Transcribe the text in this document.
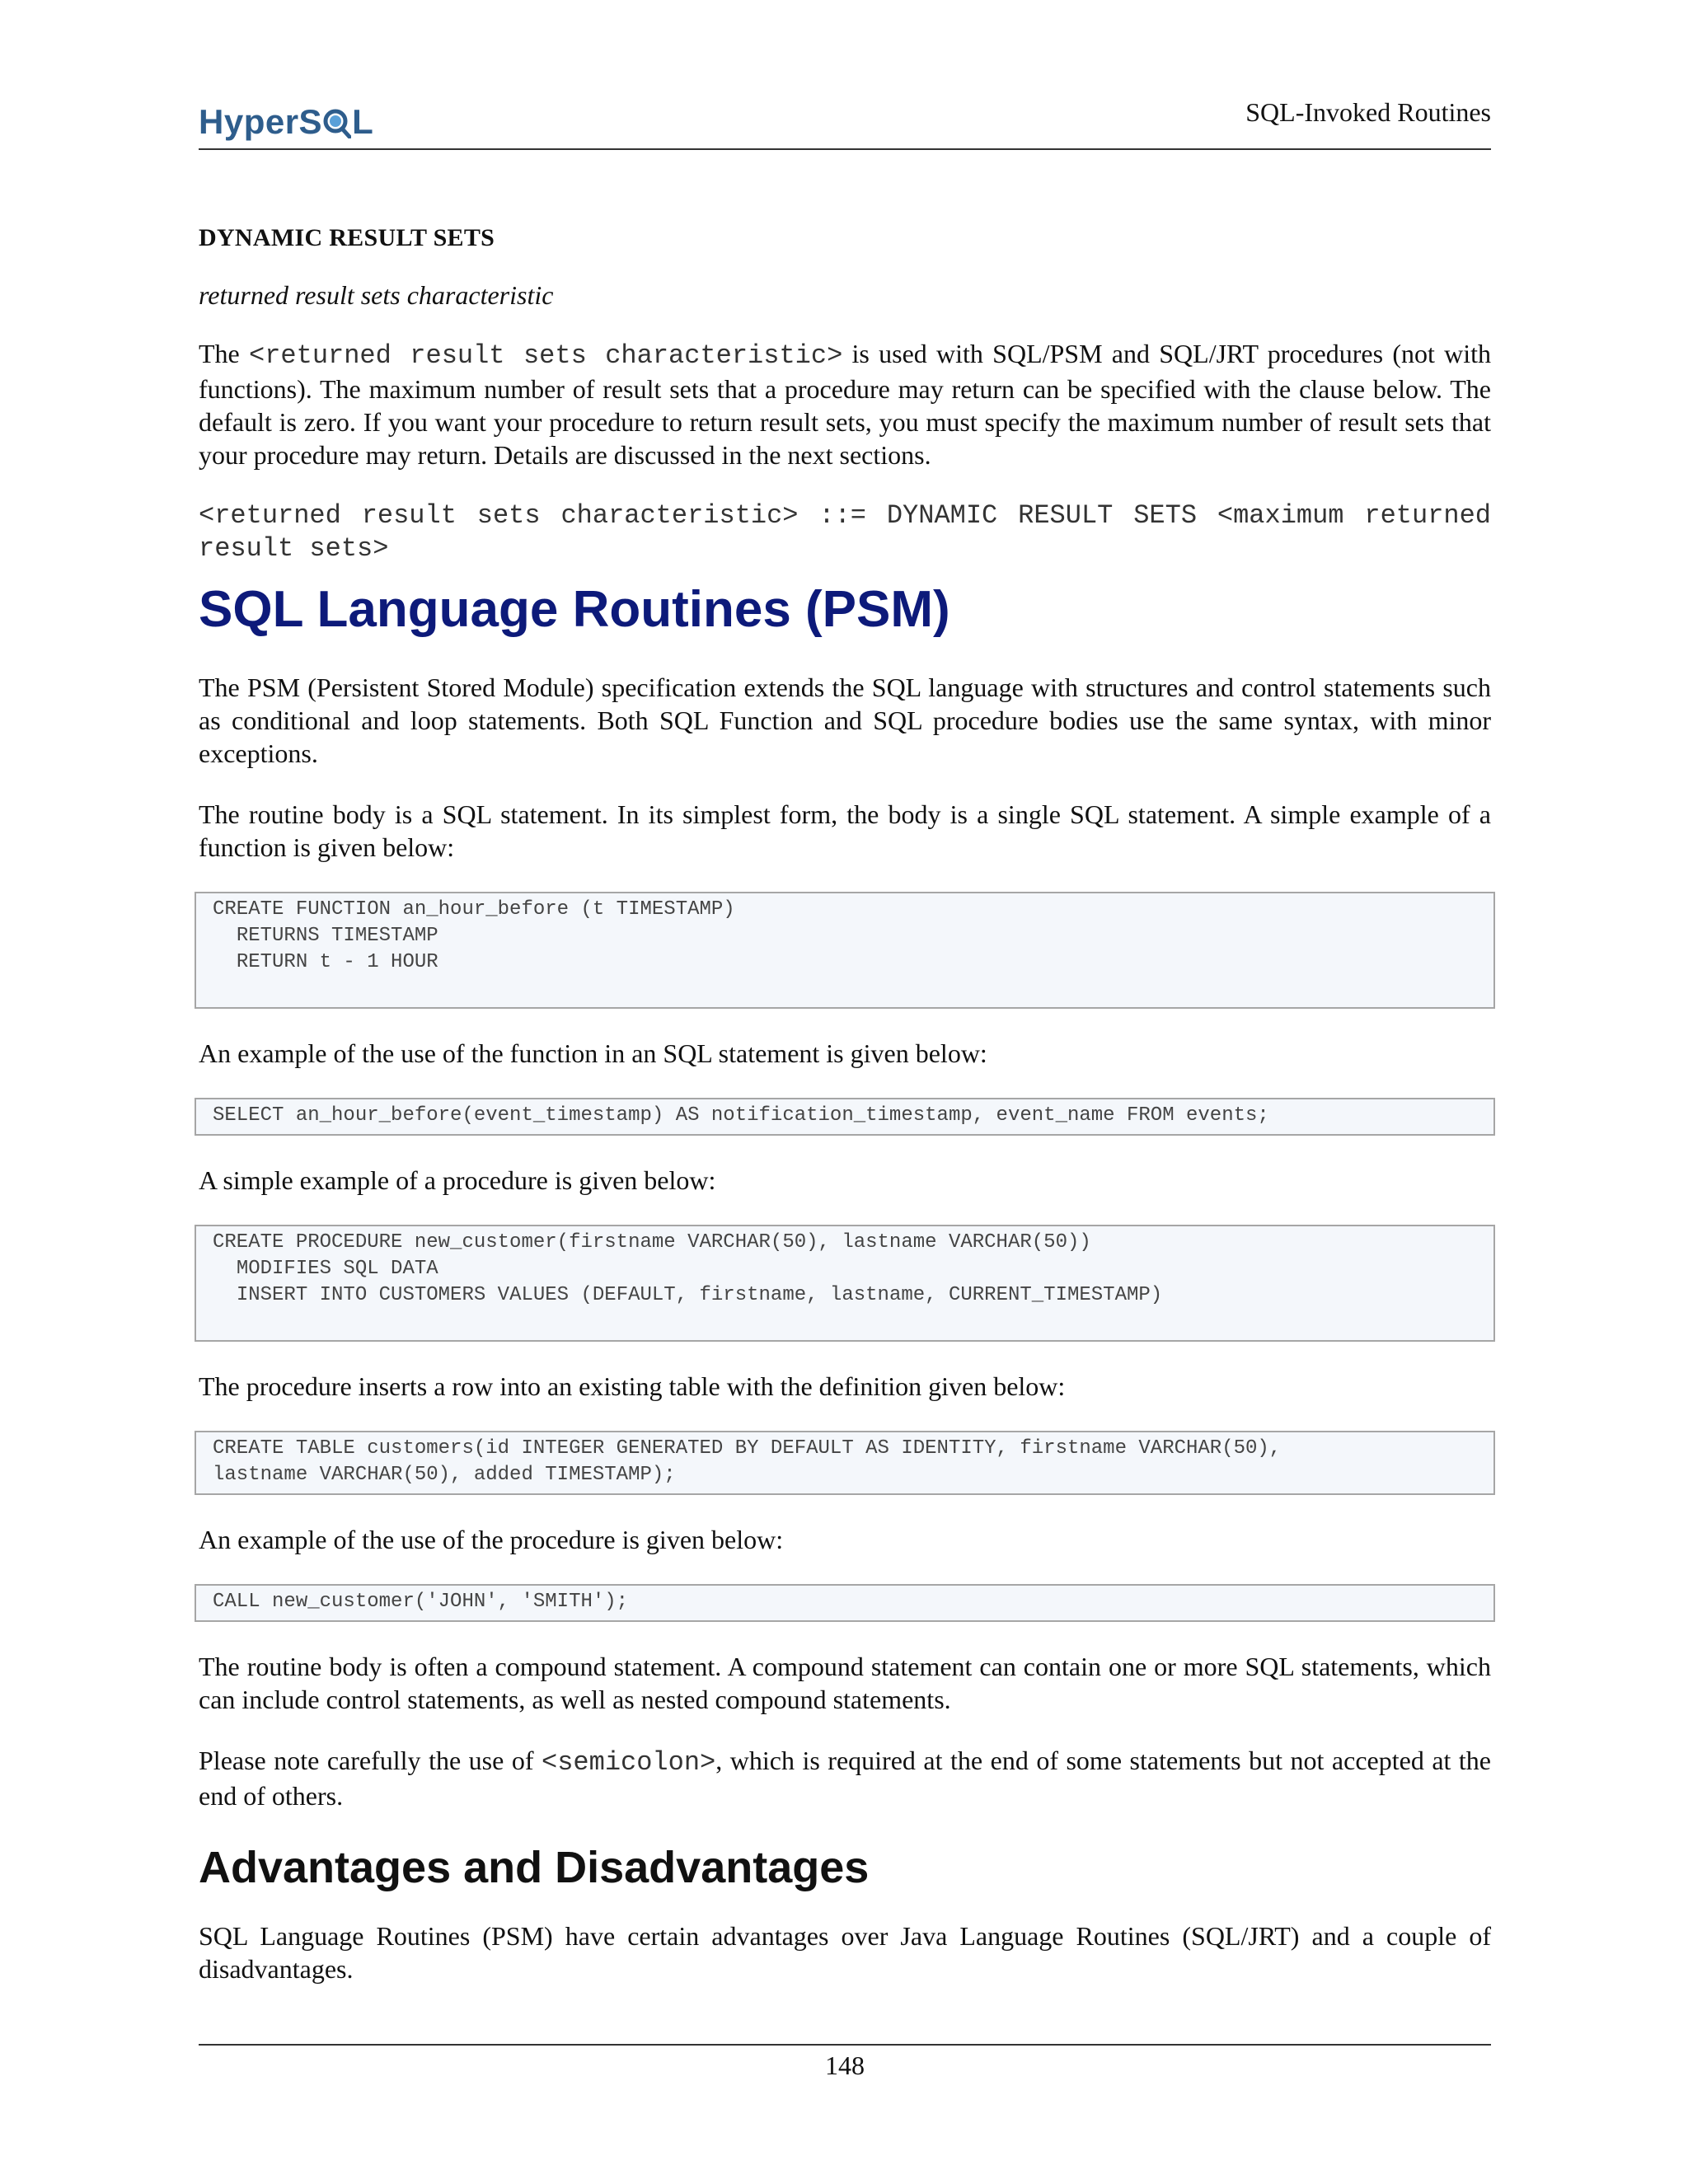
HyperS L	SQL-Invoked Routines
DYNAMIC RESULT SETS
returned result sets characteristic

The <returned result sets characteristic> is used with SQL/PSM and SQL/JRT procedures (not with functions). The maximum number of result sets that a procedure may return can be specified with the clause below. The default is zero. If you want your procedure to return result sets, you must specify the maximum number of result sets that your procedure may return. Details are discussed in the next sections.

<returned result sets characteristic> ::= DYNAMIC RESULT SETS <maximum returned result sets>
SQL Language Routines (PSM)

The PSM (Persistent Stored Module) specification extends the SQL language with structures and control statements such as conditional and loop statements. Both SQL Function and SQL procedure bodies use the same syntax, with minor exceptions.

The routine body is a SQL statement. In its simplest form, the body is a single SQL statement. A simple example of a function is given below:

CREATE FUNCTION an_hour_before (t TIMESTAMP)
RETURNS TIMESTAMP
RETURN t - 1 HOUR

An example of the use of the function in an SQL statement is given below:

SELECT an_hour_before(event_timestamp) AS notification_timestamp, event_name FROM events;

A simple example of a procedure is given below:

CREATE PROCEDURE new_customer(firstname VARCHAR(50), lastname VARCHAR(50))
MODIFIES SQL DATA
INSERT INTO CUSTOMERS VALUES (DEFAULT, firstname, lastname, CURRENT_TIMESTAMP)

The procedure inserts a row into an existing table with the definition given below:

CREATE TABLE customers(id INTEGER GENERATED BY DEFAULT AS IDENTITY, firstname VARCHAR(50),
lastname VARCHAR(50), added TIMESTAMP);

An example of the use of the procedure is given below:

CALL new_customer('JOHN', 'SMITH');

The routine body is often a compound statement. A compound statement can contain one or more SQL statements, which can include control statements, as well as nested compound statements.

Please note carefully the use of <semicolon>, which is required at the end of some statements but not accepted at the end of others.

Advantages and Disadvantages

SQL Language Routines (PSM) have certain advantages over Java Language Routines (SQL/JRT) and a couple of disadvantages.

148
